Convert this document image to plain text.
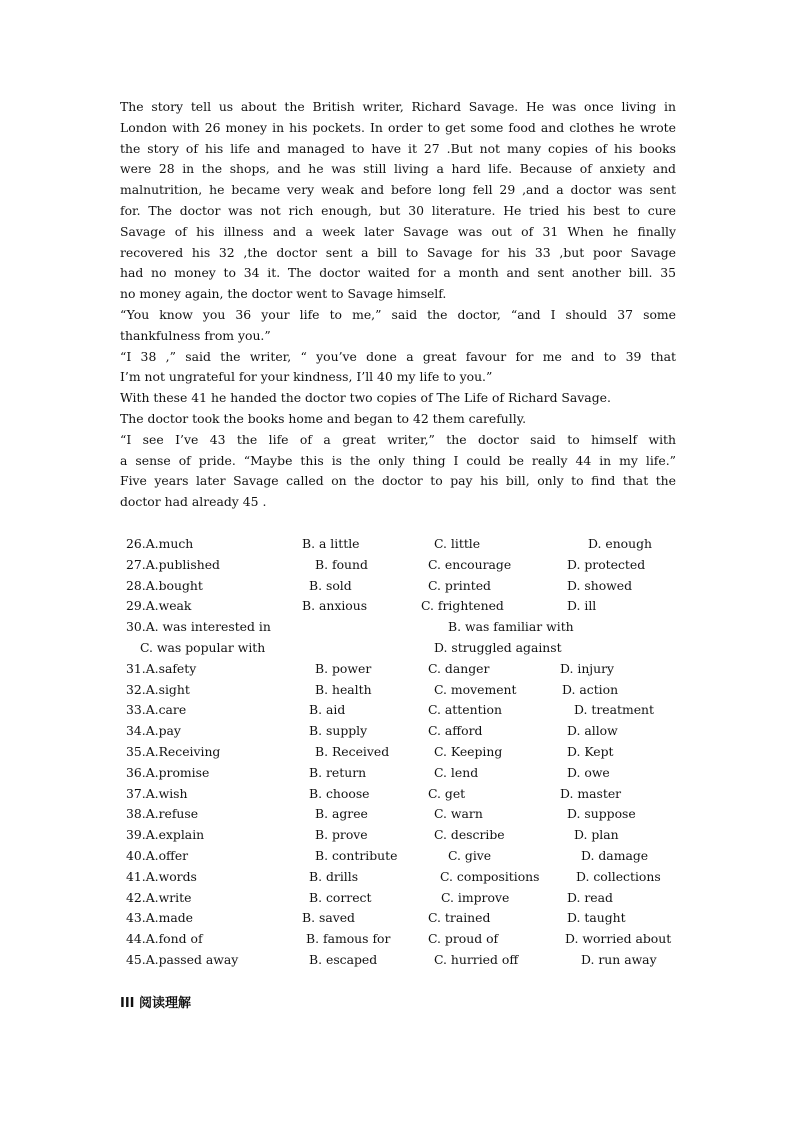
The story tell us about the British writer, Richard Savage. He was once living in
London with 26 money in his pockets. In order to get some food and clothes he wrote
the story of his life and managed to have it 27 .But not many copies of his books
were 28 in the shops, and he was still living a hard life. Because of anxiety and
malnutrition, he became very weak and before long fell 29 ,and a doctor was sent
for. The doctor was not rich enough, but 30 literature. He tried his best to cure
Savage of his illness and a week later Savage was out of 31 When he finally
recovered his 32 ,the doctor sent a bill to Savage for his 33 ,but poor Savage
had no money to 34 it. The doctor waited for a month and sent another bill. 35
no money again, the doctor went to Savage himself.
“You know you 36 your life to me,” said the doctor, “and I should 37 some
thankfulness from you.”
“I 38 ,” said the writer, “ you’ve done a great favour for me and to 39 that
I’m not ungrateful for your kindness, I’ll 40 my life to you.”
With these 41 he handed the doctor two copies of The Life of Richard Savage.
The doctor took the books home and began to 42 them carefully.
“I see I’ve 43 the life of a great writer,” the doctor said to himself with
a sense of pride. “Maybe this is the only thing I could be really 44 in my life.”
Five years later Savage called on the doctor to pay his bill, only to find that the
doctor had already 45 .
26.A.much	B. a little	C. little	D. enough
27.A.published	B. found	C. encourage	D. protected
28.A.bought	B. sold	C. printed	D. showed
29.A.weak	B. anxious	C. frightened	D. ill
30.A. was interested in	B. was familiar with
C. was popular with	D. struggled against
31.A.safety	B. power	C. danger	D. injury
32.A.sight	B. health	C. movement	D. action
33.A.care	B. aid	C. attention	D. treatment
34.A.pay	B. supply	C. afford	D. allow
35.A.Receiving	B. Received	C. Keeping	D. Kept
36.A.promise	B. return	C. lend	D. owe
37.A.wish	B. choose	C. get	D. master
38.A.refuse	B. agree	C. warn	D. suppose
39.A.explain	B. prove	C. describe	D. plan
40.A.offer	B. contribute	C. give	D. damage
41.A.words	B. drills	C. compositions	D. collections
42.A.write	B. correct	C. improve	D. read
43.A.made	B. saved	C. trained	D. taught
44.A.fond of	B. famous for	C. proud of	D. worried about
45.A.passed away	B. escaped	C. hurried off	D. run away
III 阅读理解
